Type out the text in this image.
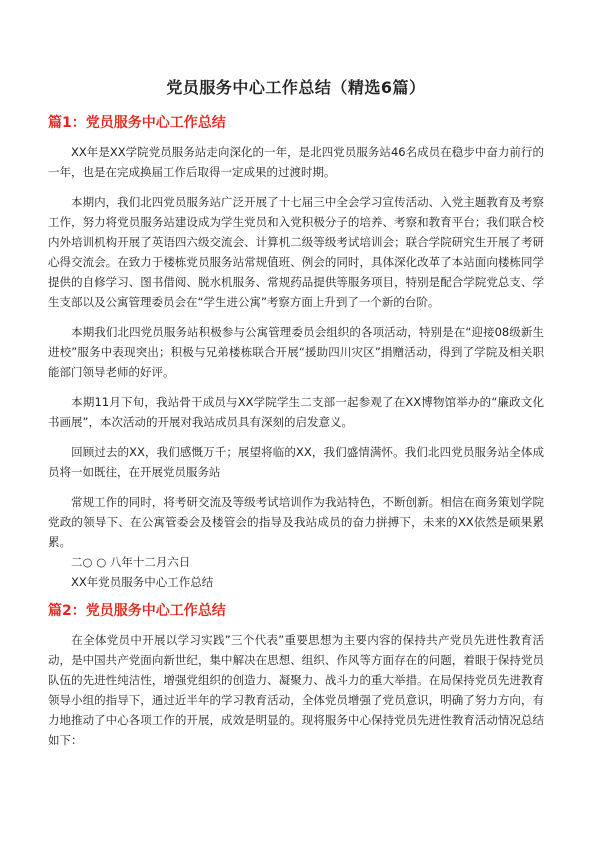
党员服务中心工作总结（精选6篇）
篇1：党员服务中心工作总结

XX年是XX学院党员服务站走向深化的一年，是北四党员服务站46名成员在稳步中奋力前行的一年，也是在完成换届工作后取得一定成果的过渡时期。

本期内，我们北四党员服务站广泛开展了十七届三中全会学习宣传活动、入党主题教育及考察工作，努力将党员服务站建设成为学生党员和入党积极分子的培养、考察和教育平台；我们联合校内外培训机构开展了英语四六级交流会、计算机二级等级考试培训会；联合学院研究生开展了考研心得交流会。在致力于楼栋党员服务站常规值班、例会的同时，具体深化改革了本站面向楼栋同学提供的自修学习、图书借阅、脱水机服务、常规药品提供等服务项目，特别是配合学院党总支、学生支部以及公寓管理委员会在“学生进公寓”考察方面上升到了一个新的台阶。

本期我们北四党员服务站积极参与公寓管理委员会组织的各项活动，特别是在“迎接08级新生进校”服务中表现突出；积极与兄弟楼栋联合开展“援助四川灾区”捐赠活动，得到了学院及相关职能部门领导老师的好评。

本期11月下旬，我站骨干成员与XX学院学生二支部一起参观了在XX博物馆举办的“廉政文化书画展”，本次活动的开展对我站成员具有深刻的启发意义。

回顾过去的XX，我们感慨万千；展望将临的XX，我们盛情满怀。我们北四党员服务站全体成员将一如既往，在开展党员服务站

常规工作的同时，将考研交流及等级考试培训作为我站特色，不断创新。相信在商务策划学院党政的领导下、在公寓管委会及楼管会的指导及我站成员的奋力拼搏下，未来的XX依然是硕果累累。

二○ ○ 八年十二月六日

XX年党员服务中心工作总结

篇2：党员服务中心工作总结

在全体党员中开展以学习实践”三个代表”重要思想为主要内容的保持共产党员先进性教育活动，是中国共产党面向新世纪，集中解决在思想、组织、作风等方面存在的问题，着眼于保持党员队伍的先进性纯洁性，增强党组织的创造力、凝聚力、战斗力的重大举措。在局保持党员先进教育领导小组的指导下，通过近半年的学习教育活动，全体党员增强了党员意识，明确了努力方向，有力地推动了中心各项工作的开展，成效是明显的。现将服务中心保持党员先进性教育活动情况总结如下：
